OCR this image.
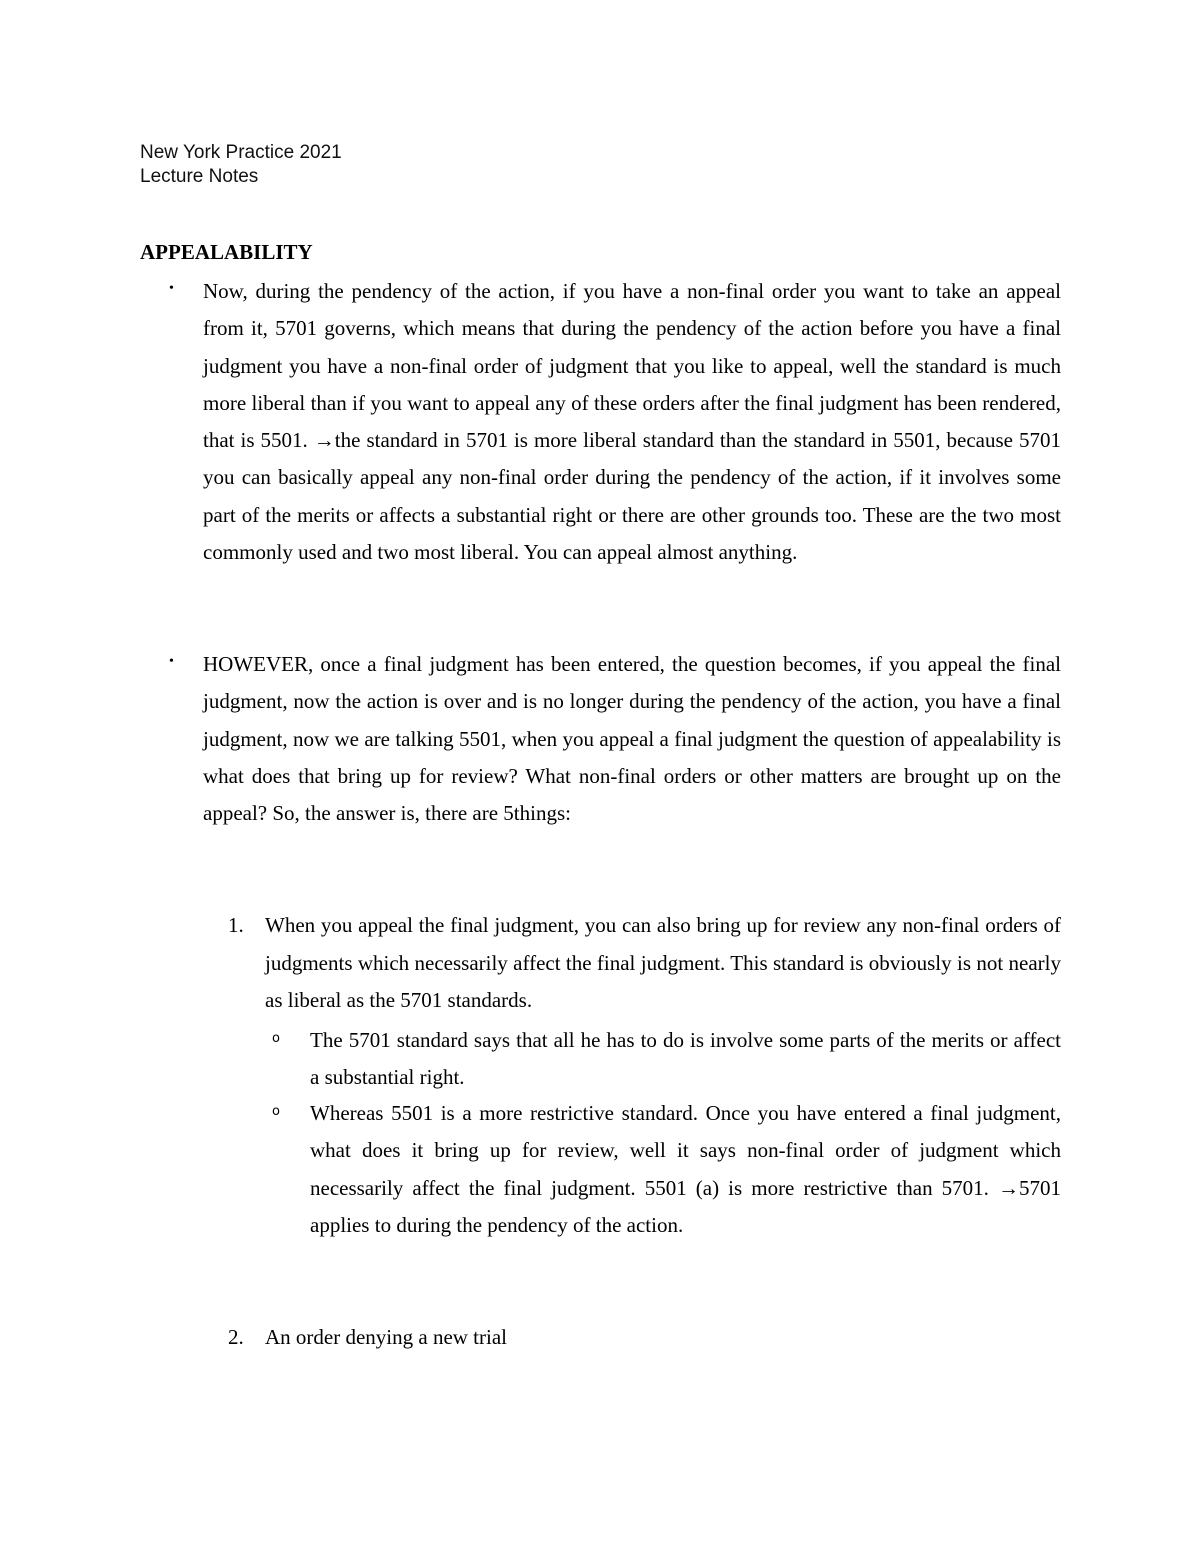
New York Practice 2021
Lecture Notes
APPEALABILITY
• Now, during the pendency of the action, if you have a non-final order you want to take an appeal from it, 5701 governs, which means that during the pendency of the action before you have a final judgment you have a non-final order of judgment that you like to appeal, well the standard is much more liberal than if you want to appeal any of these orders after the final judgment has been rendered, that is 5501. →the standard in 5701 is more liberal standard than the standard in 5501, because 5701 you can basically appeal any non-final order during the pendency of the action, if it involves some part of the merits or affects a substantial right or there are other grounds too. These are the two most commonly used and two most liberal. You can appeal almost anything.
• HOWEVER, once a final judgment has been entered, the question becomes, if you appeal the final judgment, now the action is over and is no longer during the pendency of the action, you have a final judgment, now we are talking 5501, when you appeal a final judgment the question of appealability is what does that bring up for review? What non-final orders or other matters are brought up on the appeal? So, the answer is, there are 5things:
1. When you appeal the final judgment, you can also bring up for review any non-final orders of judgments which necessarily affect the final judgment. This standard is obviously is not nearly as liberal as the 5701 standards.
o The 5701 standard says that all he has to do is involve some parts of the merits or affect a substantial right.
o Whereas 5501 is a more restrictive standard. Once you have entered a final judgment, what does it bring up for review, well it says non-final order of judgment which necessarily affect the final judgment. 5501 (a) is more restrictive than 5701. →5701 applies to during the pendency of the action.
2. An order denying a new trial
